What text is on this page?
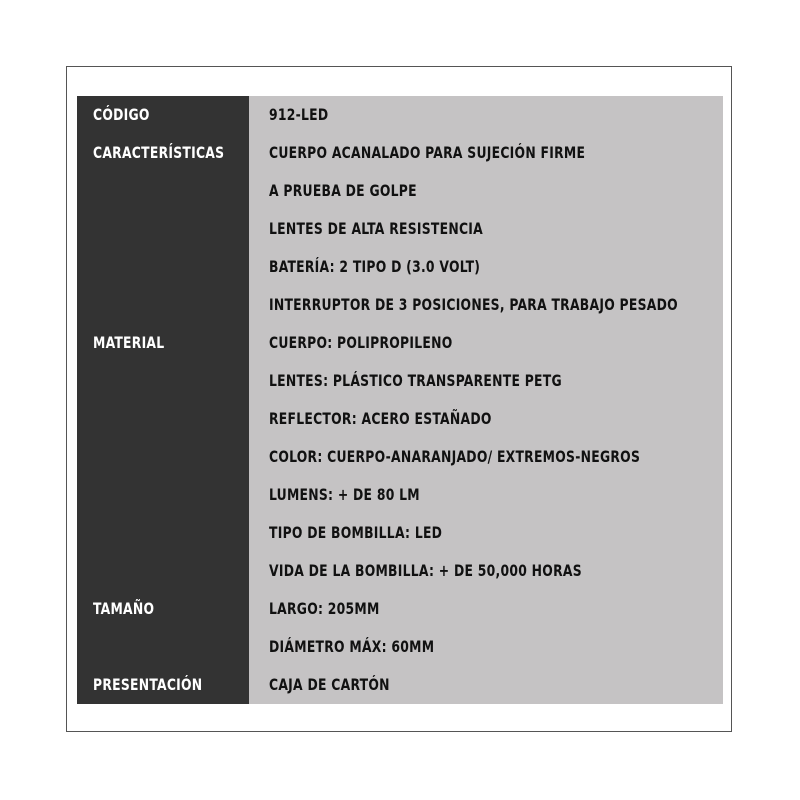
CÓDIGO	912-LED
CARACTERÍSTICAS	CUERPO ACANALADO PARA SUJECIÓN FIRME
A PRUEBA DE GOLPE
LENTES DE ALTA RESISTENCIA
BATERÍA: 2 TIPO D (3.0 VOLT)
INTERRUPTOR DE 3 POSICIONES, PARA TRABAJO PESADO
MATERIAL	CUERPO: POLIPROPILENO
LENTES: PLÁSTICO TRANSPARENTE PETG
REFLECTOR: ACERO ESTAÑADO
COLOR: CUERPO-ANARANJADO/ EXTREMOS-NEGROS
LUMENS: + DE 80 LM
TIPO DE BOMBILLA: LED
VIDA DE LA BOMBILLA: + DE 50,000 HORAS
TAMAÑO	LARGO: 205MM
DIÁMETRO MÁX: 60MM
PRESENTACIÓN	CAJA DE CARTÓN
